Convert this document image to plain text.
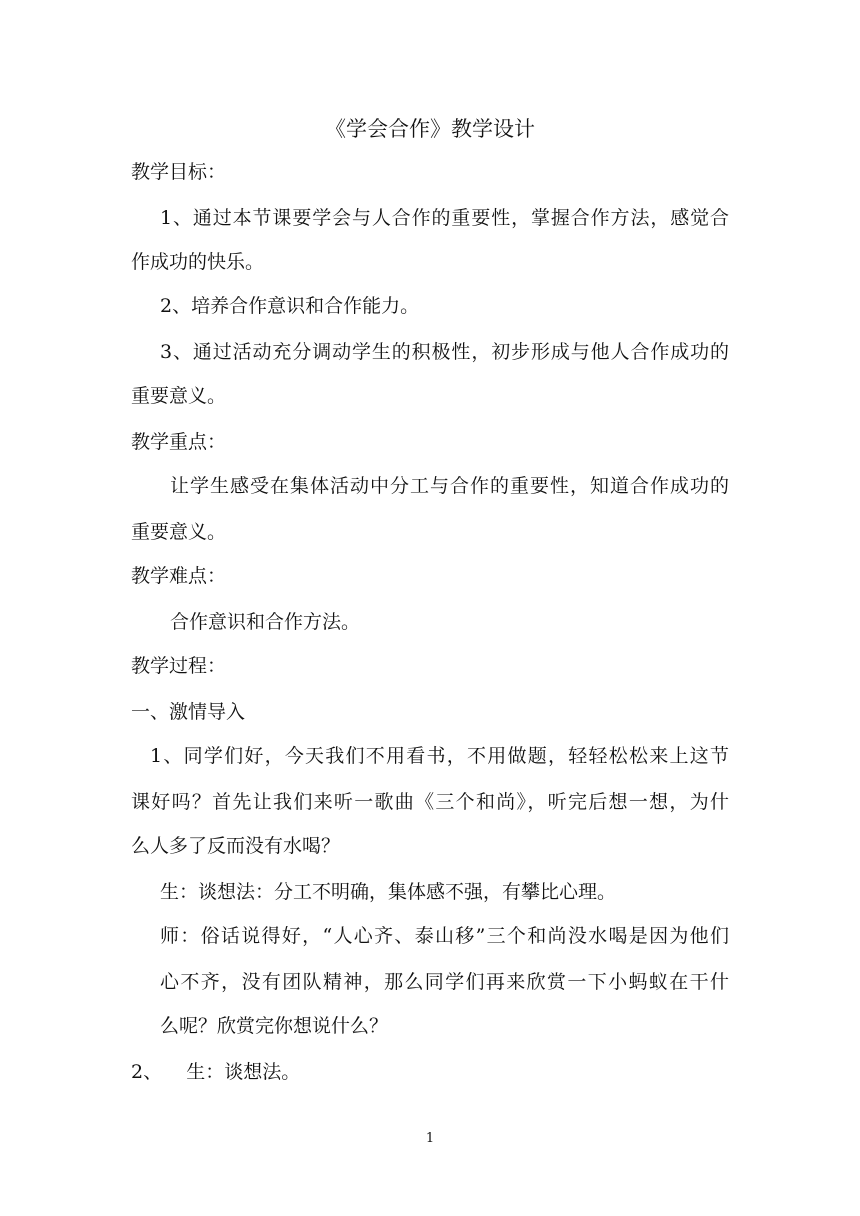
《学会合作》教学设计
教学目标：
1、通过本节课要学会与人合作的重要性，掌握合作方法，感觉合
作成功的快乐。
2、培养合作意识和合作能力。
3、通过活动充分调动学生的积极性，初步形成与他人合作成功的
重要意义。
教学重点：
让学生感受在集体活动中分工与合作的重要性，知道合作成功的
重要意义。
教学难点：
合作意识和合作方法。
教学过程：
一、激情导入
1、同学们好，今天我们不用看书，不用做题，轻轻松松来上这节
课好吗？首先让我们来听一歌曲《三个和尚》，听完后想一想，为什
么人多了反而没有水喝？
生：谈想法：分工不明确，集体感不强，有攀比心理。
师：俗话说得好，“人心齐、泰山移”三个和尚没水喝是因为他们
心不齐，没有团队精神，那么同学们再来欣赏一下小蚂蚁在干什
么呢？欣赏完你想说什么？
2、    生：谈想法。
1
